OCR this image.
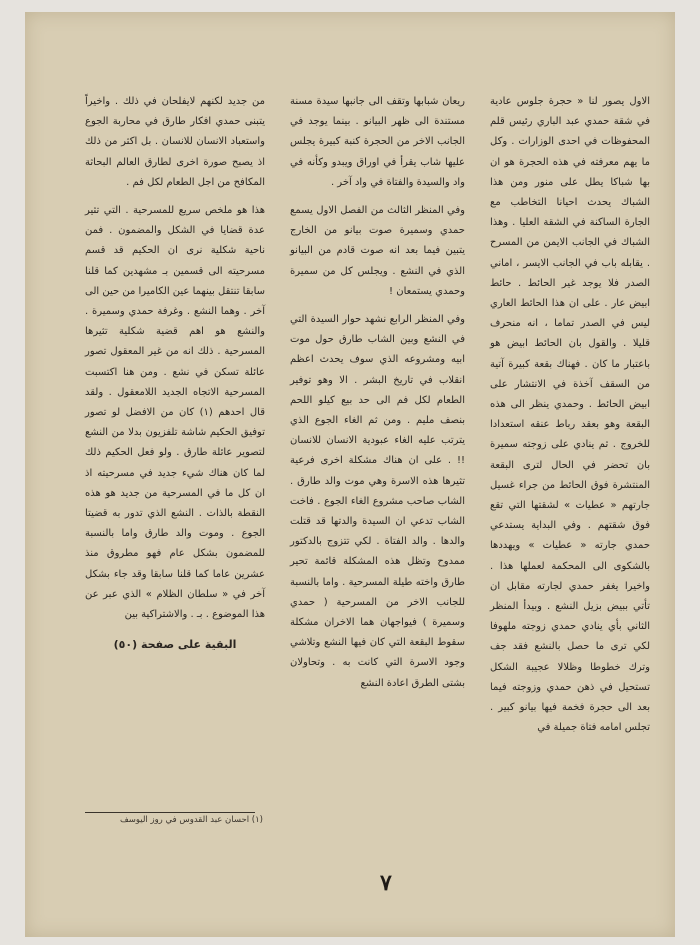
الاول يصور لنا « حجرة جلوس عادية في شقة حمدي عبد الباري رئيس قلم المحفوظات في احدى الوزارات . وكل ما يهم معرفته في هذه الحجرة هو ان بها شباكا يطل على منور ومن هذا الشباك يحدث احيانا التخاطب مع الجارة الساكنة في الشقة العليا . وهذا الشباك في الجانب الايمن من المسرح . يقابله باب في الجانب الايسر ، اماني الصدر فلا يوجد غير الحائط . حائط ابيض عار . على ان هذا الحائط العاري ليس في الصدر تماما ، انه منحرف قليلا . والقول بان الحائط ابيض هو باعتبار ما كان . فهناك بقعة كبيرة آتية من السقف آخذة في الانتشار على ابيض الحائط . وحمدي ينظر الى هذه البقعة وهو بعقد رباط عنقه استعدادا للخروج . ثم ينادي على زوجته سميرة بان تحضر في الحال لترى البقعة المنتشرة فوق الحائط من جراء غسيل جارتهم « عطيات » لشقتها التي تقع فوق شقتهم . وفي البداية يستدعي حمدي جارته « عطيات » ويهددها بالشكوى الى المحكمة لعملها هذا . واخيرا يغفر حمدي لجارته مقابل ان تأتي ببيض بزيل النشع . وبيدأ المنظر الثاني بأي ينادي حمدي زوجته ملهوفا لكي ترى ما حصل بالنشع فقد جف وترك خطوطا وظلالا عجيبة الشكل تستحيل في ذهن حمدي وزوجته فيما بعد الى حجرة فخمة فيها بيانو كبير . تجلس امامه فتاة جميلة في

ريعان شبابها وتقف الى جانبها سيدة مسنة مستندة الى ظهر البيانو . بينما يوجد في الجانب الاخر من الحجرة كنبة كبيرة يجلس عليها شاب يقرأ في اوراق ويبدو وكأنه في واد والسيدة والفتاة في واد آخر .

وفي المنظر الثالث من الفصل الاول يسمع حمدي وسميرة صوت بيانو من الخارج يتبين فيما بعد انه صوت قادم من البيانو الذي في النشع . ويجلس كل من سميرة وحمدي يستمعان !

وفي المنظر الرابع نشهد حوار السيدة التي في النشع وبين الشاب طارق حول موت ابيه ومشروعه الذي سوف يحدث اعظم انقلاب في تاريخ البشر . الا وهو توفير الطعام لكل فم الى حد بيع كيلو اللحم بنصف مليم . ومن ثم الغاء الجوع الذي يترتب عليه الغاء عبودية الانسان للانسان !! . على ان هناك مشكلة اخرى فرعية تثيرها هذه الاسرة وهي موت والد طارق . الشاب صاحب مشروع الغاء الجوع . فاخت الشاب تدعي ان السيدة والدتها قد قتلت والدها . والد الفتاة . لكي تتزوج بالدكتور ممدوح وتظل هذه المشكلة قائمة تحير طارق واخته طيلة المسرحية . واما بالنسبة للجانب الاخر من المسرحية ( حمدي وسميرة ) فيواجهان هما الاخران مشكلة سقوط البقعة التي كان فيها النشع وتلاشي وجود الاسرة التي كانت به . وتحاولان بشتى الطرق اعادة النشع

من جديد لكنهم لايفلحان في ذلك . واخيراً يتبنى حمدي افكار طارق في محاربة الجوع واستعباد الانسان للانسان . بل اكثر من ذلك اذ يصبح صورة اخرى لطارق العالم البحاثة المكافح من اجل الطعام لكل فم .

هذا هو ملخص سريع للمسرحية . التي تثير عدة قضايا في الشكل والمضمون . فمن ناحية شكلية نرى ان الحكيم قد قسم مسرحيته الى قسمين بـ مشهدين كما قلنا سابقا تنتقل بينهما عين الكاميرا من حين الى آخر . وهما النشع . وغرفة حمدي وسميرة . والنشع هو اهم قضية شكلية تثيرها المسرحية . ذلك انه من غير المعقول تصور عائلة تسكن في نشع . ومن هنا اكتسبت المسرحية الاتجاه الجديد اللامعقول . ولقد قال احدهم (١) كان من الافضل لو تصور توفيق الحكيم شاشة تلفزيون بدلا من النشع لتصوير عائلة طارق . ولو فعل الحكيم ذلك لما كان هناك شيء جديد في مسرحيته اذ ان كل ما في المسرحية من جديد هو هذه النقطة بالذات . النشع الذي تدور به قضيتا الجوع . وموت والد طارق واما بالنسبة للمضمون بشكل عام فهو مطروق منذ عشرين عاما كما قلنا سابقا وقد جاء بشكل آخر في « سلطان الظلام » الذي عبر عن هذا الموضوع . بـ . والاشتراكية بين

البقية على صفحة (٥٠)
(١) احسان عبد القدوس في روز اليوسف
٧
